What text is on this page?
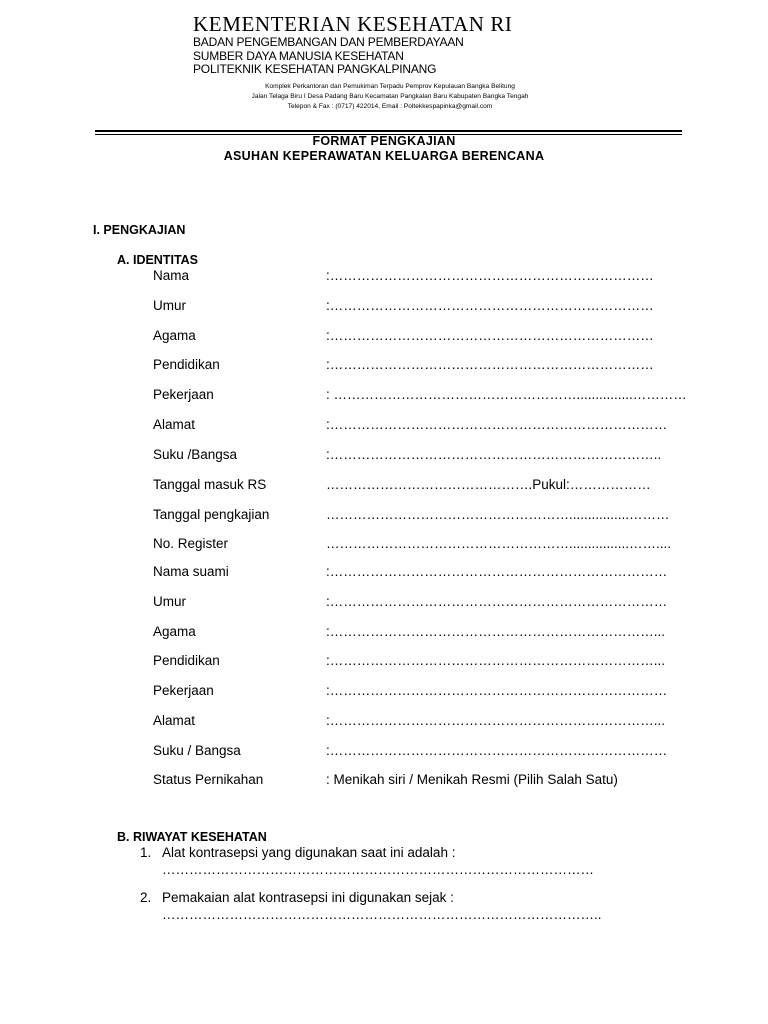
KEMENTERIAN KESEHATAN RI
BADAN PENGEMBANGAN DAN PEMBERDAYAAN
SUMBER DAYA MANUSIA KESEHATAN
POLITEKNIK KESEHATAN PANGKALPINANG
Komplek Perkantoran dan Pemukiman Terpadu Pemprov Kepulauan Bangka Belitung
Jalan Telaga Biru I Desa Padang Baru Kecamatan Pangkalan Baru Kabupaten Bangka Tengah
Telepon & Fax : (0717) 422014, Email : Poltekkespapinka@gmail.com
FORMAT PENGKAJIAN
ASUHAN KEPERAWATAN KELUARGA BERENCANA
I. PENGKAJIAN
A. IDENTITAS
Nama	:………………………………………………………………
Umur	:………………………………………………………………
Agama	:………………………………………………………………
Pendidikan	:………………………………………………………………
Pekerjaan	: ………………………………………………...............…………
Alamat	:…………………………………………………………………
Suku /Bangsa	:………………………………………………………………..
Tanggal masuk RS	……………………………………….Pukul:………………
Tanggal pengkajian	………………………………………………................………
No. Register	………………………………………………................……....
Nama suami	:…………………………………………………………………
Umur	:…………………………………………………………………
Agama	:………………………………………………………………...
Pendidikan	:………………………………………………………………...
Pekerjaan	:…………………………………………………………………
Alamat	:………………………………………………………………...
Suku / Bangsa	:…………………………………………………………………
Status Pernikahan	: Menikah siri / Menikah Resmi (Pilih Salah Satu)
B. RIWAYAT KESEHATAN
1. Alat kontrasepsi yang digunakan saat ini adalah :
……………………………………………………………………………………
2. Pemakaian alat kontrasepsi ini digunakan sejak :
……………………………………………………………………………………..
